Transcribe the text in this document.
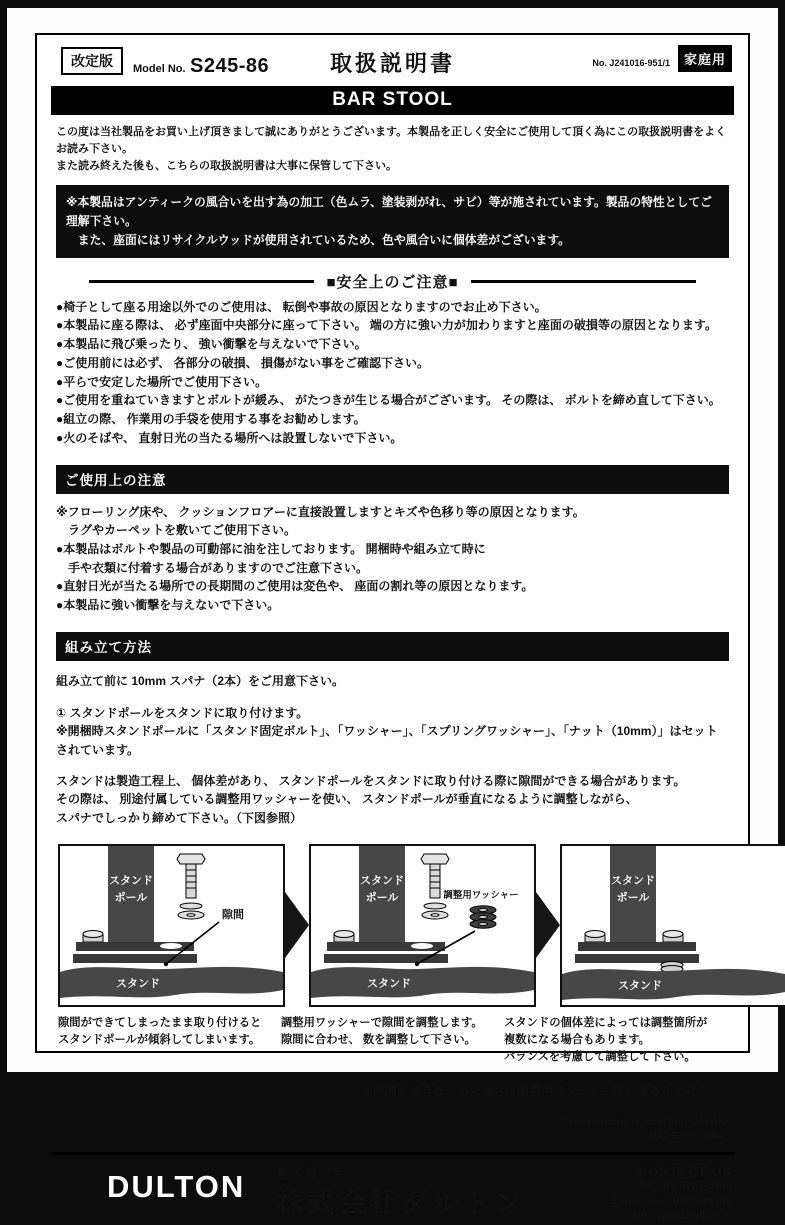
改定版	Model No. S245-86	取扱説明書	No. J241016-951/1	家庭用
BAR STOOL
この度は当社製品をお買い上げ頂きまして誠にありがとうございます。本製品を正しく安全にご使用して頂く為にこの取扱説明書をよくお読み下さい。
また読み終えた後も、こちらの取扱説明書は大事に保管して下さい。
※本製品はアンティークの風合いを出す為の加工（色ムラ、塗装剥がれ、サビ）等が施されています。製品の特性としてご理解下さい。
また、座面にはリサイクルウッドが使用されているため、色や風合いに個体差がございます。
■安全上のご注意■
●椅子として座る用途以外でのご使用は、 転倒や事故の原因となりますのでお止め下さい。
●本製品に座る際は、 必ず座面中央部分に座って下さい。 端の方に強い力が加わりますと座面の破損等の原因となります。
●本製品に飛び乗ったり、 強い衝撃を与えないで下さい。
●ご使用前には必ず、 各部分の破損、 損傷がない事をご確認下さい。
●平らで安定した場所でご使用下さい。
●ご使用を重ねていきますとボルトが緩み、 がたつきが生じる場合がございます。 その際は、 ボルトを締め直して下さい。
●組立の際、 作業用の手袋を使用する事をお勧めします。
●火のそばや、 直射日光の当たる場所へは設置しないで下さい。
ご使用上の注意
※フローリング床や、 クッションフロアーに直接設置しますとキズや色移り等の原因となります。
ラグやカーペットを敷いてご使用下さい。
●本製品はボルトや製品の可動部に油を注しております。 開梱時や組み立て時に
手や衣類に付着する場合がありますのでご注意下さい。
●直射日光が当たる場所での長期間のご使用は変色や、 座面の割れ等の原因となります。
●本製品に強い衝撃を与えないで下さい。
組み立て方法
組み立て前に 10mm スパナ（2本）をご用意下さい。
① スタンドポールをスタンドに取り付けます。
※開梱時スタンドポールに「スタンド固定ボルト」、「ワッシャー」、「スプリングワッシャー」、「ナット（10mm）」はセットされています。
スタンドは製造工程上、 個体差があり、 スタンドポールをスタンドに取り付ける際に隙間ができる場合があります。
その際は、 別途付属している調整用ワッシャーを使い、 スタンドポールが垂直になるように調整しながら、
スパナでしっかり締めて下さい。（下図参照）
スタンド
ポール
スタンド
隙間
スタンド
ポール	調整用ワッシャー
スタンド
スタンド
ポール
スタンド
隙間ができてしまったまま取り付けると
スタンドポールが傾斜してしまいます。
調整用ワッシャーで隙間を調整します。
隙間に合わせ、 数を調整して下さい。
スタンドの個体差によっては調整箇所が
複数になる場合もあります。
バランスを考慮して調整して下さい。
※隙間ができなかった場合は調整用ワッシャーは必要ありません。
*This warranty is valid only JAPAN
MADE IN CHINA
DULTON	輸入販売元
株式会社ダルトン
CONTACT US
Tel : 03-6722-0940
Email : ec@dulton.com
HP : www.dulton.jp
